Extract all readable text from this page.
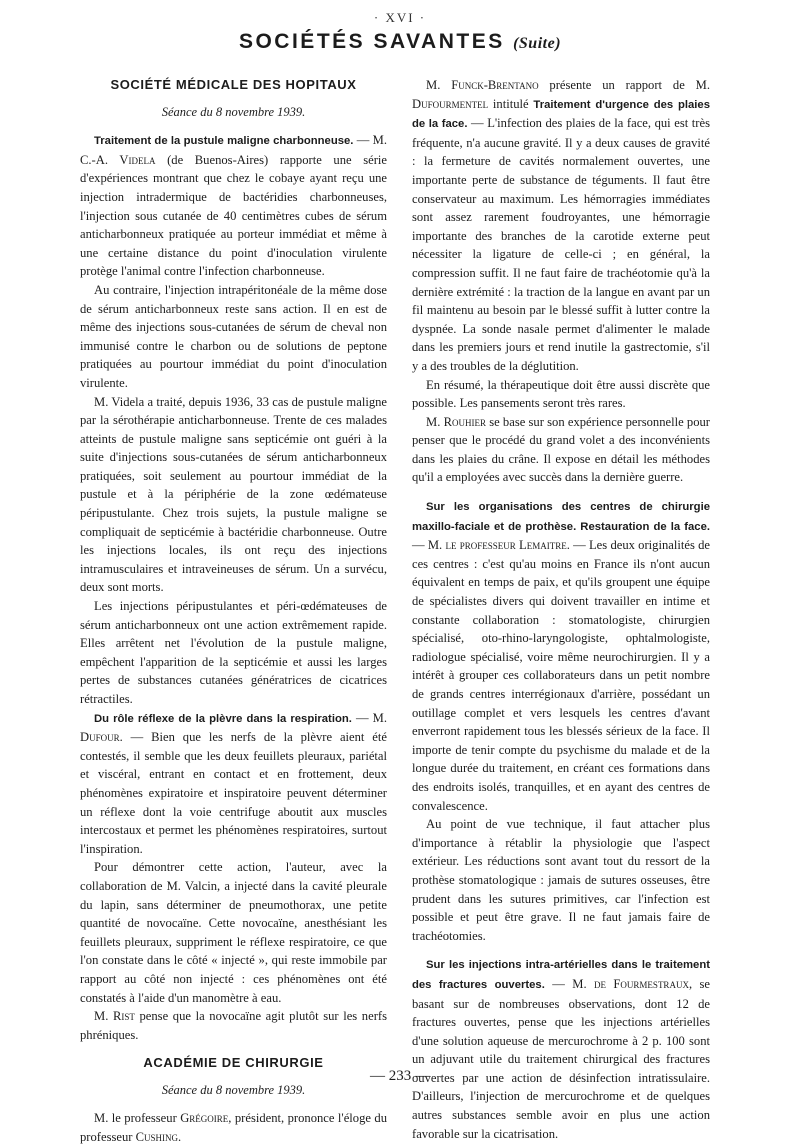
· XVI ·
SOCIÉTÉS SAVANTES (Suite)
SOCIÉTÉ MÉDICALE DES HOPITAUX
Séance du 8 novembre 1939.

Traitement de la pustule maligne charbonneuse. — M. C.-A. Videla (de Buenos-Aires) rapporte une série d'expériences montrant que chez le cobaye ayant reçu une injection intradermique de bactéridies charbonneuses, l'injection sous cutanée de 40 centimètres cubes de sérum anticharbonneux pratiquée au porteur immédiat et même à une certaine distance du point d'inoculation virulente protège l'animal contre l'infection charbonneuse.

Au contraire, l'injection intrapéritonéale de la même dose de sérum anticharbonneux reste sans action. Il en est de même des injections sous-cutanées de sérum de cheval non immunisé contre le charbon ou de solutions de peptone pratiquées au pourtour immédiat du point d'inoculation virulente.

M. Videla a traité, depuis 1936, 33 cas de pustule maligne par la sérothérapie anticharbonneuse. Trente de ces malades atteints de pustule maligne sans septicémie ont guéri à la suite d'injections sous-cutanées de sérum anticharbonneux pratiquées, soit seulement au pourtour immédiat de la pustule et à la périphérie de la zone œdémateuse péripustulante. Chez trois sujets, la pustule maligne se compliquait de septicémie à bactéridie charbonneuse. Outre les injections locales, ils ont reçu des injections intramusculaires et intraveineuses de sérum. Un a survécu, deux sont morts.

Les injections péripustulantes et péri-œdémateuses de sérum anticharbonneux ont une action extrêmement rapide. Elles arrêtent net l'évolution de la pustule maligne, empêchent l'apparition de la septicémie et aussi les larges pertes de substances cutanées génératrices de cicatrices rétractiles.

Du rôle réflexe de la plèvre dans la respiration. — M. Dufour. — Bien que les nerfs de la plèvre aient été contestés, il semble que les deux feuillets pleuraux, pariétal et viscéral, entrant en contact et en frottement, deux phénomènes expiratoire et inspiratoire peuvent déterminer un réflexe dont la voie centrifuge aboutit aux muscles intercostaux et permet les phénomènes respiratoires, surtout l'inspiration.

Pour démontrer cette action, l'auteur, avec la collaboration de M. Valcin, a injecté dans la cavité pleurale du lapin, sans déterminer de pneumothorax, une petite quantité de novocaïne. Cette novocaïne, anesthésiant les feuillets pleuraux, suppriment le réflexe respiratoire, ce que l'on constate dans le côté « injecté », qui reste immobile par rapport au côté non injecté : ces phénomènes ont été constatés à l'aide d'un manomètre à eau.

M. Rist pense que la novocaïne agit plutôt sur les nerfs phréniques.

ACADÉMIE DE CHIRURGIE
Séance du 8 novembre 1939.

M. le professeur Grégoire, président, prononce l'éloge du professeur Cushing.

M. Funck-Brentano présente un rapport de M. Dufourmentel intitulé Traitement d'urgence des plaies de la face. — L'infection des plaies de la face, qui est très fréquente, n'a aucune gravité. Il y a deux causes de gravité : la fermeture de cavités normalement ouvertes, une importante perte de substance de téguments. Il faut être conservateur au maximum. Les hémorragies immédiates sont assez rarement foudroyantes, une hémorragie importante des branches de la carotide externe peut nécessiter la ligature de celle-ci ; en général, la compression suffit. Il ne faut faire de trachéotomie qu'à la dernière extrémité : la traction de la langue en avant par un fil maintenu au besoin par le blessé suffit à lutter contre la dyspnée. La sonde nasale permet d'alimenter le malade dans les premiers jours et rend inutile la gastrectomie, s'il y a des troubles de la déglutition.

En résumé, la thérapeutique doit être aussi discrète que possible. Les pansements seront très rares.

M. Rouhier se base sur son expérience personnelle pour penser que le procédé du grand volet a des inconvénients dans les plaies du crâne. Il expose en détail les méthodes qu'il a employées avec succès dans la dernière guerre.

Sur les organisations des centres de chirurgie maxillo-faciale et de prothèse. Restauration de la face. — M. le professeur Lemaitre. — Les deux originalités de ces centres : c'est qu'au moins en France ils n'ont aucun équivalent en temps de paix, et qu'ils groupent une équipe de spécialistes divers qui doivent travailler en intime et constante collaboration : stomatologiste, chirurgien spécialisé, oto-rhino-laryngologiste, ophtalmologiste, radiologue spécialisé, voire même neurochirurgien. Il y a intérêt à grouper ces collaborateurs dans un petit nombre de grands centres interrégionaux d'arrière, possédant un outillage complet et vers lesquels les centres d'avant enverront rapidement tous les blessés sérieux de la face. Il importe de tenir compte du psychisme du malade et de la longue durée du traitement, en créant ces formations dans des endroits isolés, tranquilles, et en ayant des centres de convalescence.

Au point de vue technique, il faut attacher plus d'importance à rétablir la physiologie que l'aspect extérieur. Les réductions sont avant tout du ressort de la prothèse stomatologique : jamais de sutures osseuses, être prudent dans les sutures primitives, car l'infection est possible et peut être grave. Il ne faut jamais faire de trachéotomies.

Sur les injections intra-artérielles dans le traitement des fractures ouvertes. — M. de Fourmestraux, se basant sur de nombreuses observations, dont 12 de fractures ouvertes, pense que les injections artérielles d'une solution aqueuse de mercurochrome à 2 p. 100 sont un adjuvant utile du traitement chirurgical des fractures ouvertes par une action de désinfection intratissulaire. D'ailleurs, l'injection de mercurochrome et de quelques autres substances semble avoir en plus une action favorable sur la cicatrisation.

— 233 —
